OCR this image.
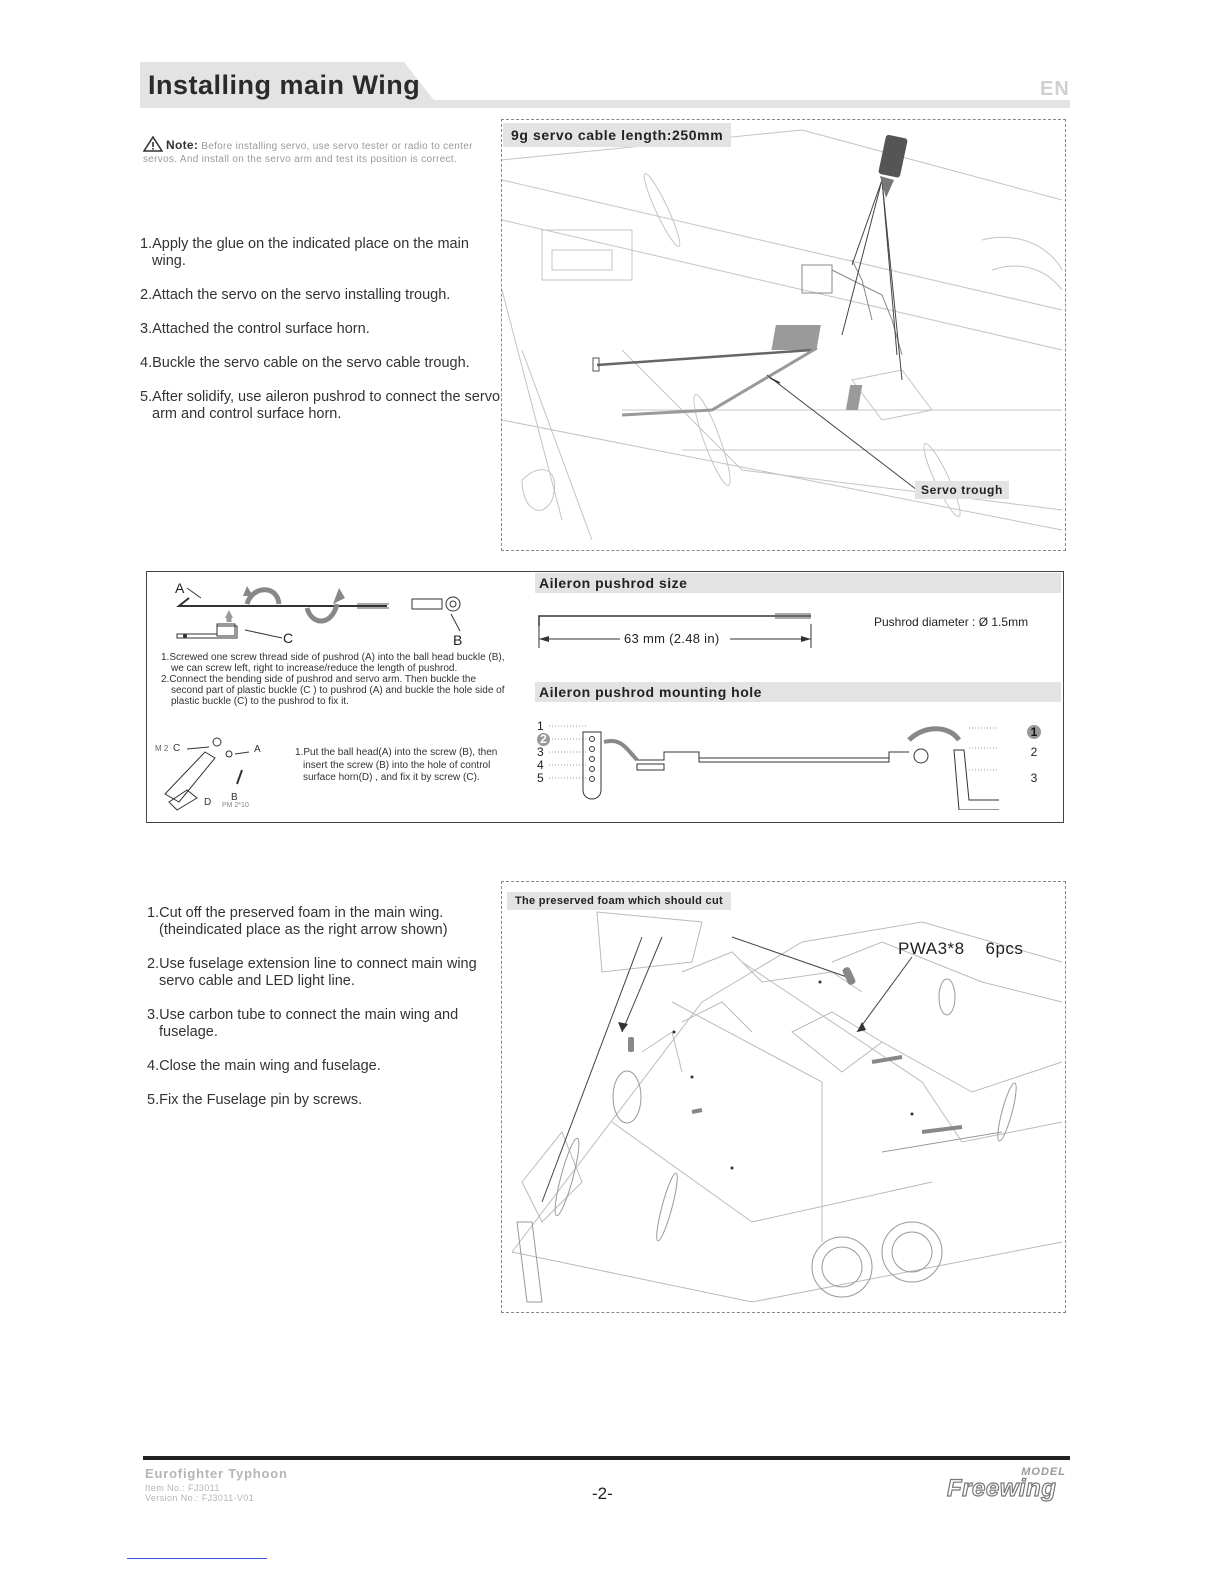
Installing main Wing	EN
Note: Before installing servo, use servo tester or radio to center servos. And install on the servo arm and test its position is correct.
1.Apply the glue on the indicated place on the main wing.
2.Attach the servo on the servo installing trough.
3.Attached the control surface horn.
4.Buckle the servo cable on the servo cable trough.
5.After solidify, use aileron pushrod to connect the servo arm and control surface horn.
9g servo cable length:250mm
Servo trough
A
C	B
1.Screwed one screw thread side of pushrod (A) into the ball head buckle (B), we can screw left, right to increase/reduce the length of pushrod.
2.Connect the bending side of pushrod and servo arm. Then buckle the second part of plastic buckle (C ) to pushrod (A) and buckle the hole side of plastic buckle (C) to the pushrod to fix it.
M 2 C	A
B
D PM 2*10
1.Put the ball head(A) into the screw (B), then insert the screw (B) into the hole of control surface horn(D) , and fix it by screw (C).
Aileron pushrod size
63 mm (2.48 in)
Pushrod diameter : Ø 1.5mm
Aileron pushrod mounting hole
1
2
3
4
5
1
2
3
1.Cut off the preserved foam in the main wing. (theindicated place as the right arrow shown)
2.Use fuselage extension line to connect main wing servo cable and LED light line.
3.Use carbon tube to connect the main wing and fuselage.
4.Close the main wing and fuselage.
5.Fix the Fuselage pin by screws.
The preserved foam which should cut
PWA3*8    6pcs
Eurofighter Typhoon
Item No.: FJ3011
Version No.: FJ3011-V01	-2-
MODEL
Freewing
